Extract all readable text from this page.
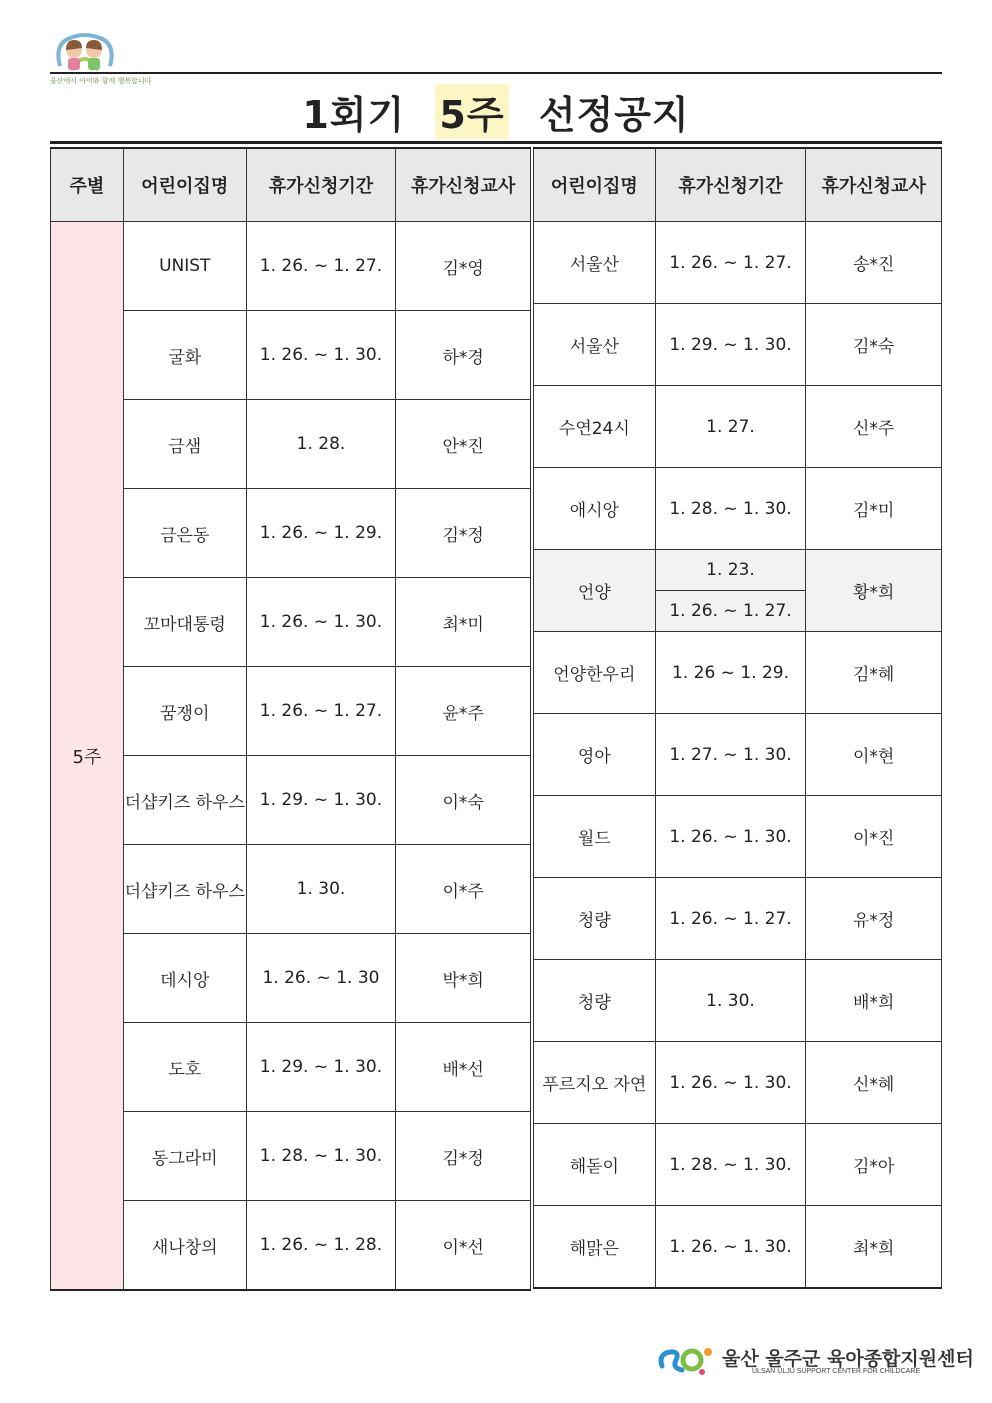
울산에서 아이와 함께 행복합니다
1회기 5주 선정공지
주별	어린이집명	휴가신청기간	휴가신청교사
5주	UNIST	1. 26. ~ 1. 27.	김*영
	굴화	1. 26. ~ 1. 30.	하*경
	금샘	1. 28.	안*진
	금은동	1. 26. ~ 1. 29.	김*정
	꼬마대통령	1. 26. ~ 1. 30.	최*미
	꿈쟁이	1. 26. ~ 1. 27.	윤*주
	더샵키즈 하우스	1. 29. ~ 1. 30.	이*숙
	더샵키즈 하우스	1. 30.	이*주
	데시앙	1. 26. ~ 1. 30	박*희
	도호	1. 29. ~ 1. 30.	배*선
	동그라미	1. 28. ~ 1. 30.	김*정
	새나창의	1. 26. ~ 1. 28.	이*선
어린이집명	휴가신청기간	휴가신청교사
서울산	1. 26. ~ 1. 27.	송*진
서울산	1. 29. ~ 1. 30.	김*숙
수연24시	1. 27.	신*주
애시앙	1. 28. ~ 1. 30.	김*미
언양	1. 23.	황*희
	1. 26. ~ 1. 27.	
언양한우리	1. 26 ~ 1. 29.	김*혜
영아	1. 27. ~ 1. 30.	이*현
월드	1. 26. ~ 1. 30.	이*진
청량	1. 26. ~ 1. 27.	유*정
청량	1. 30.	배*희
푸르지오 자연	1. 26. ~ 1. 30.	신*혜
해돋이	1. 28. ~ 1. 30.	김*아
해맑은	1. 26. ~ 1. 30.	최*희
울산 울주군 육아종합지원센터
ULSAN ULJU SUPPORT CENTER FOR CHILDCARE
